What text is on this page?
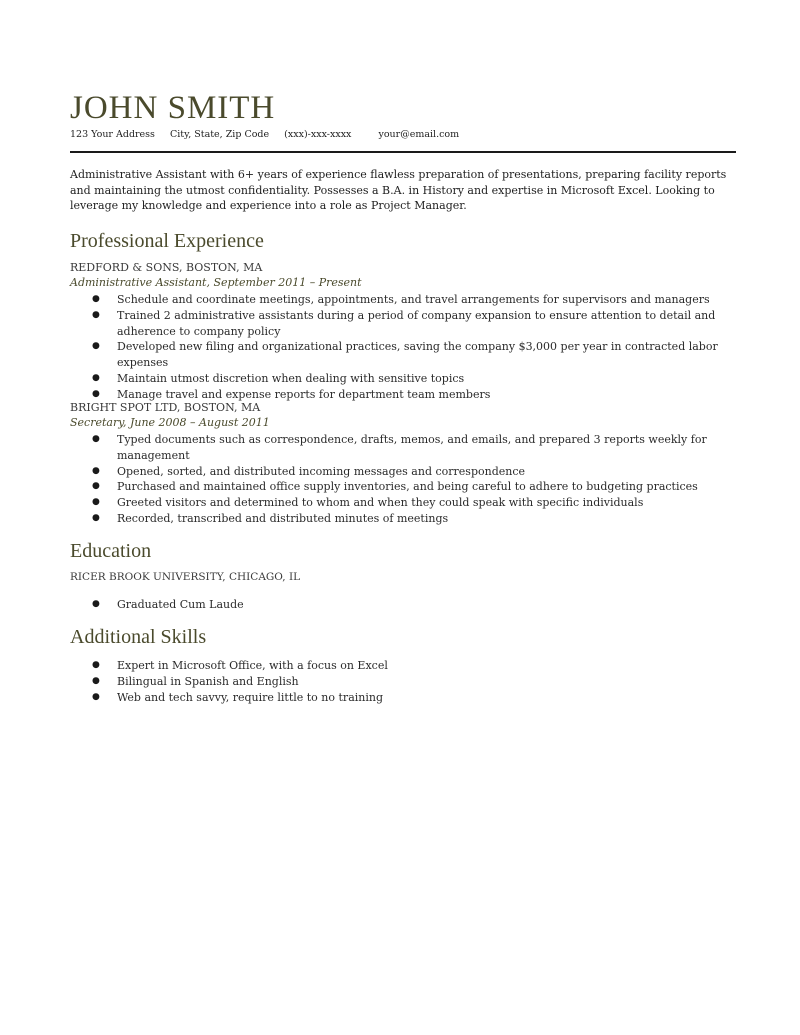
JOHN SMITH
123 Your Address City, State, Zip Code (xxx)-xxx-xxxx	your@email.com
Administrative Assistant with 6+ years of experience flawless preparation of presentations, preparing facility reports and maintaining the utmost confidentiality. Possesses a B.A. in History and expertise in Microsoft Excel. Looking to leverage my knowledge and experience into a role as Project Manager.
Professional Experience
REDFORD & SONS, BOSTON, MA
Administrative Assistant, September 2011 – Present
● Schedule and coordinate meetings, appointments, and travel arrangements for supervisors and managers
● Trained 2 administrative assistants during a period of company expansion to ensure attention to detail and adherence to company policy
● Developed new filing and organizational practices, saving the company $3,000 per year in contracted labor expenses
● Maintain utmost discretion when dealing with sensitive topics
● Manage travel and expense reports for department team members
BRIGHT SPOT LTD, BOSTON, MA
Secretary, June 2008 – August 2011
● Typed documents such as correspondence, drafts, memos, and emails, and prepared 3 reports weekly for management
● Opened, sorted, and distributed incoming messages and correspondence
● Purchased and maintained office supply inventories, and being careful to adhere to budgeting practices
● Greeted visitors and determined to whom and when they could speak with specific individuals
● Recorded, transcribed and distributed minutes of meetings
Education
RICER BROOK UNIVERSITY, CHICAGO, IL
● Graduated Cum Laude
Additional Skills
● Expert in Microsoft Office, with a focus on Excel
● Bilingual in Spanish and English
● Web and tech savvy, require little to no training
